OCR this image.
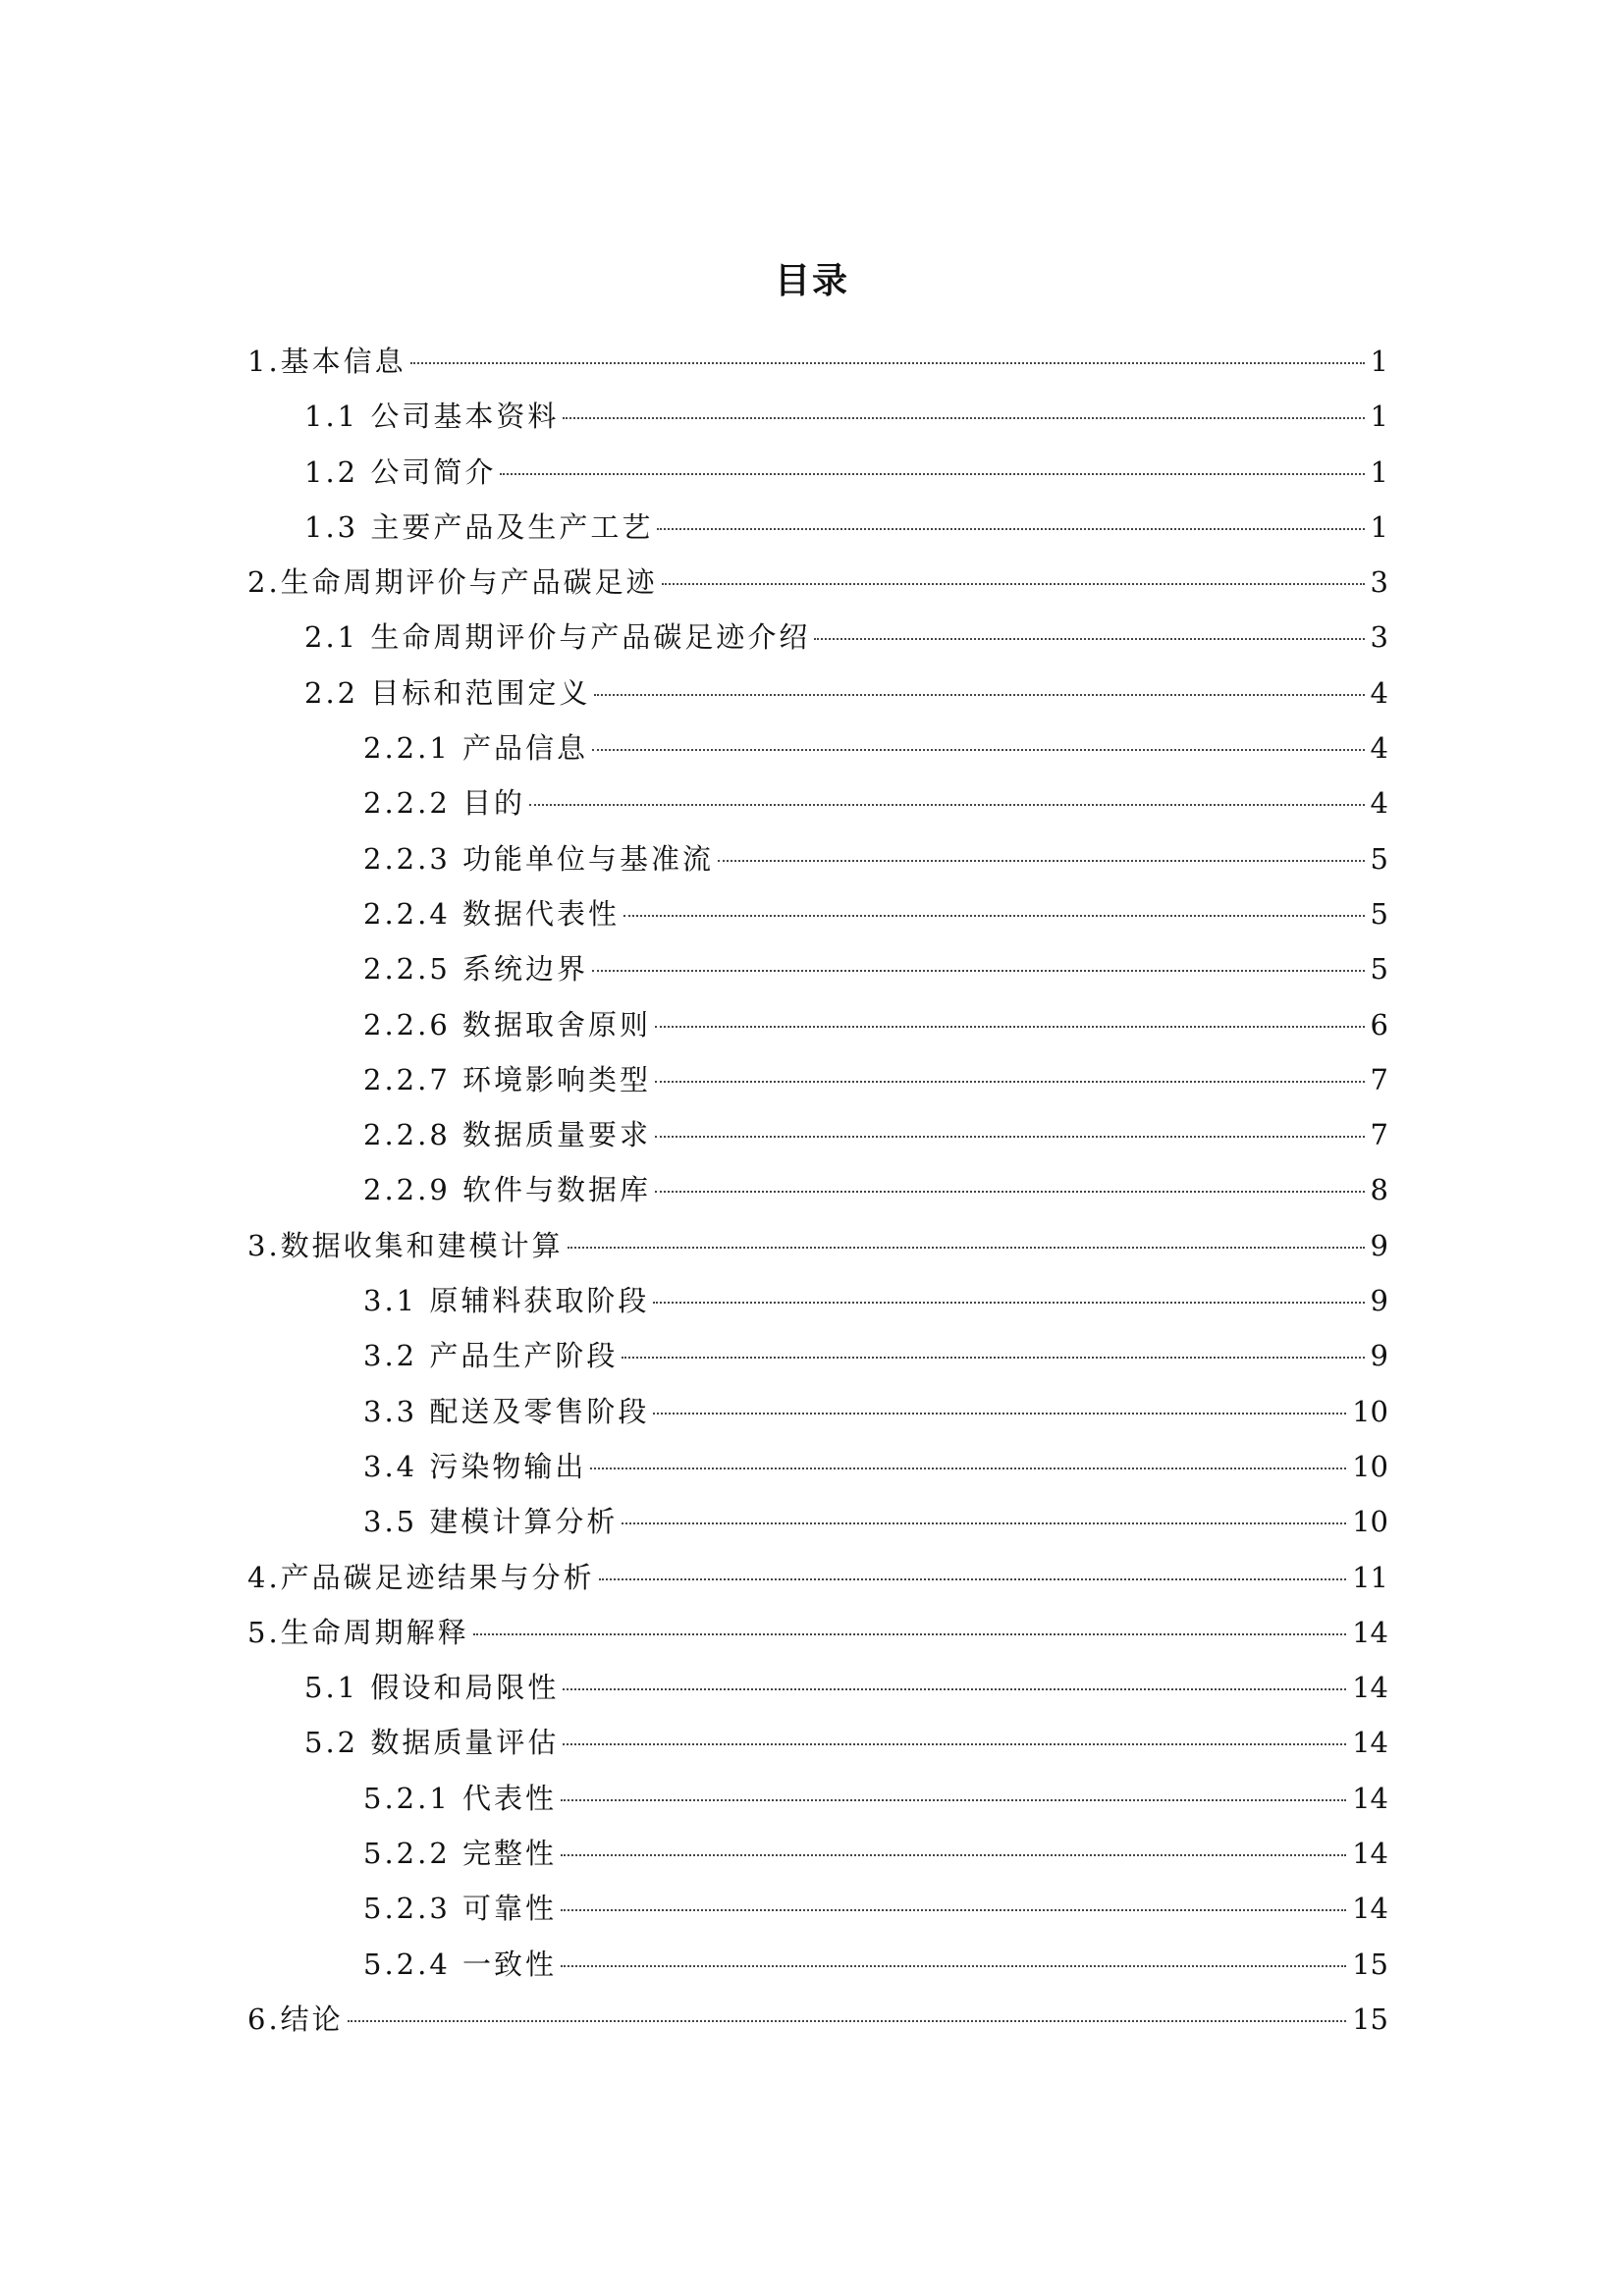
目录
1.基本信息	1
1.1 公司基本资料	1
1.2 公司简介	1
1.3 主要产品及生产工艺	1
2.生命周期评价与产品碳足迹	3
2.1 生命周期评价与产品碳足迹介绍	3
2.2 目标和范围定义	4
2.2.1 产品信息	4
2.2.2 目的	4
2.2.3 功能单位与基准流	5
2.2.4 数据代表性	5
2.2.5 系统边界	5
2.2.6 数据取舍原则	6
2.2.7 环境影响类型	7
2.2.8 数据质量要求	7
2.2.9 软件与数据库	8
3.数据收集和建模计算	9
3.1 原辅料获取阶段	9
3.2 产品生产阶段	9
3.3 配送及零售阶段	10
3.4 污染物输出	10
3.5 建模计算分析	10
4.产品碳足迹结果与分析	11
5.生命周期解释	14
5.1 假设和局限性	14
5.2 数据质量评估	14
5.2.1 代表性	14
5.2.2 完整性	14
5.2.3 可靠性	14
5.2.4 一致性	15
6.结论	15
